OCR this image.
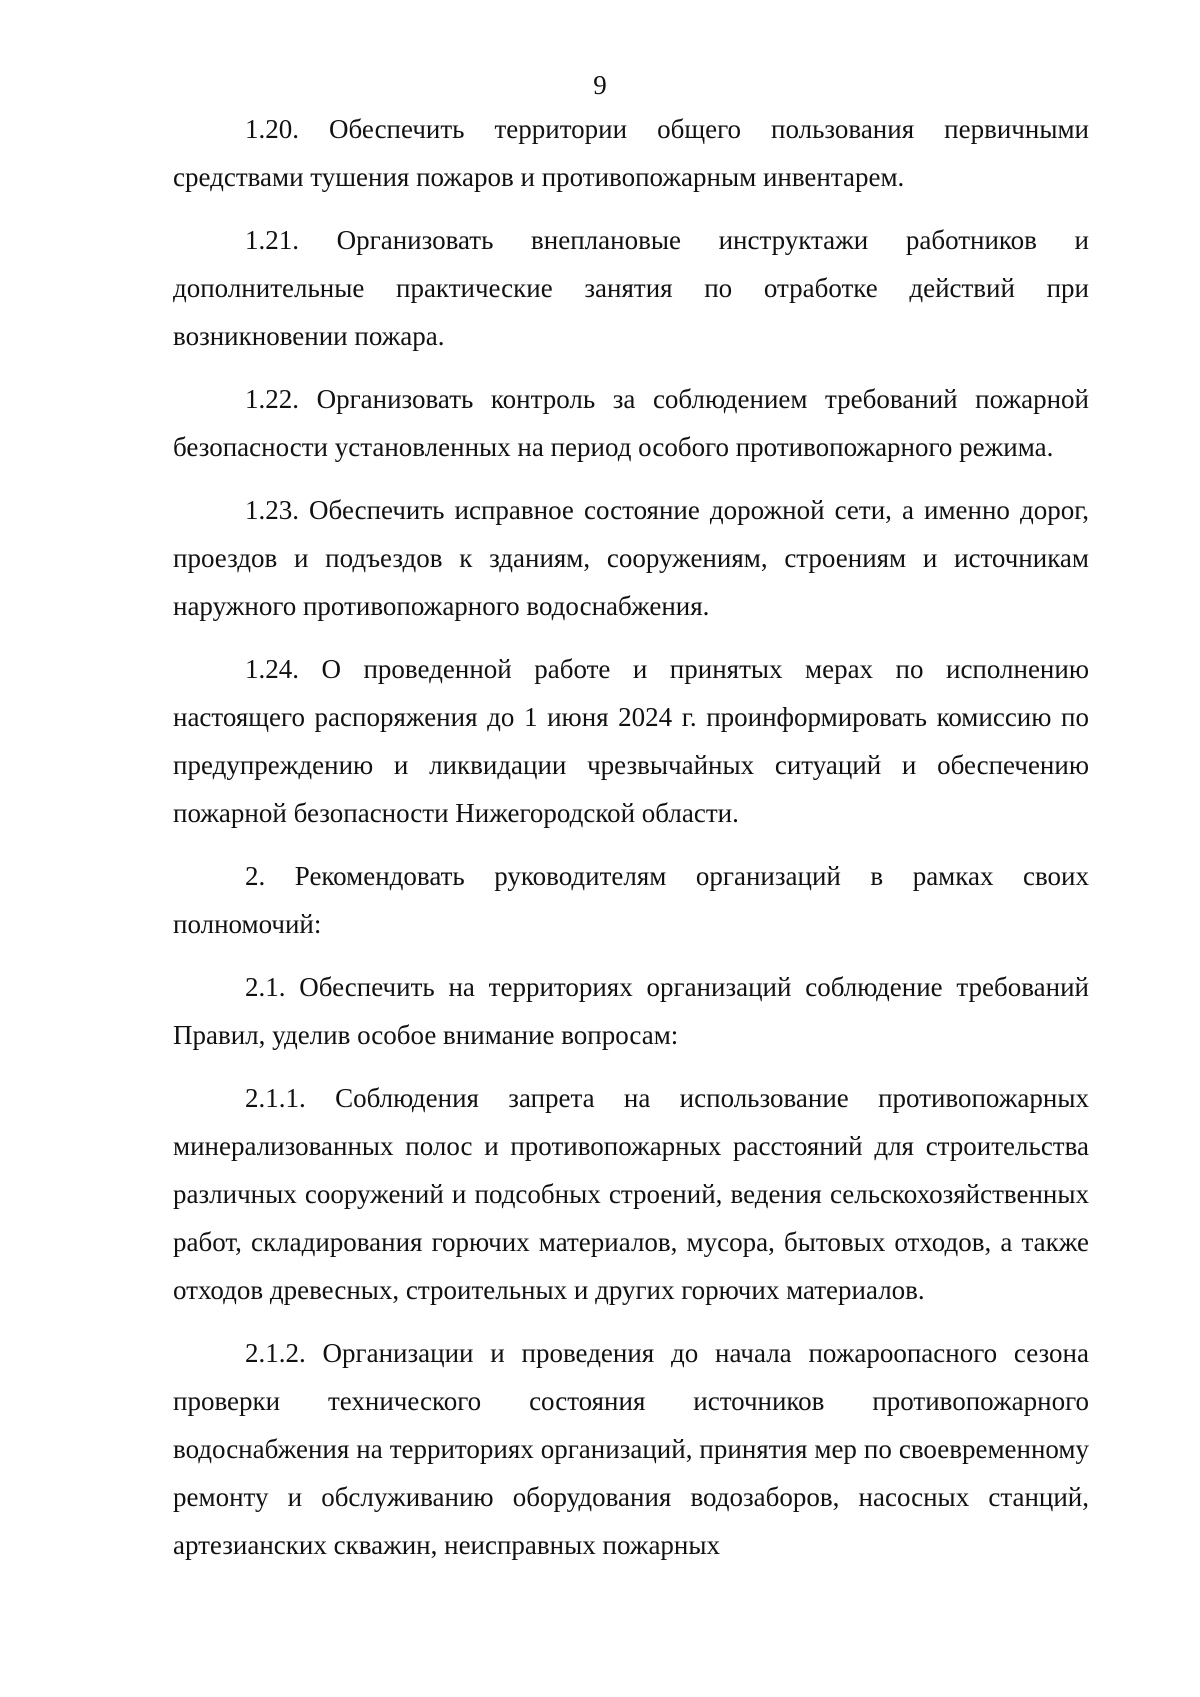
9

1.20. Обеспечить территории общего пользования первичными средствами тушения пожаров и противопожарным инвентарем.

1.21. Организовать внеплановые инструктажи работников и дополнительные практические занятия по отработке действий при возникновении пожара.

1.22. Организовать контроль за соблюдением требований пожарной безопасности установленных на период особого противопожарного режима.

1.23. Обеспечить исправное состояние дорожной сети, а именно дорог, проездов и подъездов к зданиям, сооружениям, строениям и источникам наружного противопожарного водоснабжения.

1.24. О проведенной работе и принятых мерах по исполнению настоящего распоряжения до 1 июня 2024 г. проинформировать комиссию по предупреждению и ликвидации чрезвычайных ситуаций и обеспечению пожарной безопасности Нижегородской области.

2. Рекомендовать руководителям организаций в рамках своих полномочий:

2.1. Обеспечить на территориях организаций соблюдение требований Правил, уделив особое внимание вопросам:

2.1.1. Соблюдения запрета на использование противопожарных минерализованных полос и противопожарных расстояний для строительства различных сооружений и подсобных строений, ведения сельскохозяйственных работ, складирования горючих материалов, мусора, бытовых отходов, а также отходов древесных, строительных и других горючих материалов.

2.1.2. Организации и проведения до начала пожароопасного сезона проверки технического состояния источников противопожарного водоснабжения на территориях организаций, принятия мер по своевременному ремонту и обслуживанию оборудования водозаборов, насосных станций, артезианских скважин, неисправных пожарных
